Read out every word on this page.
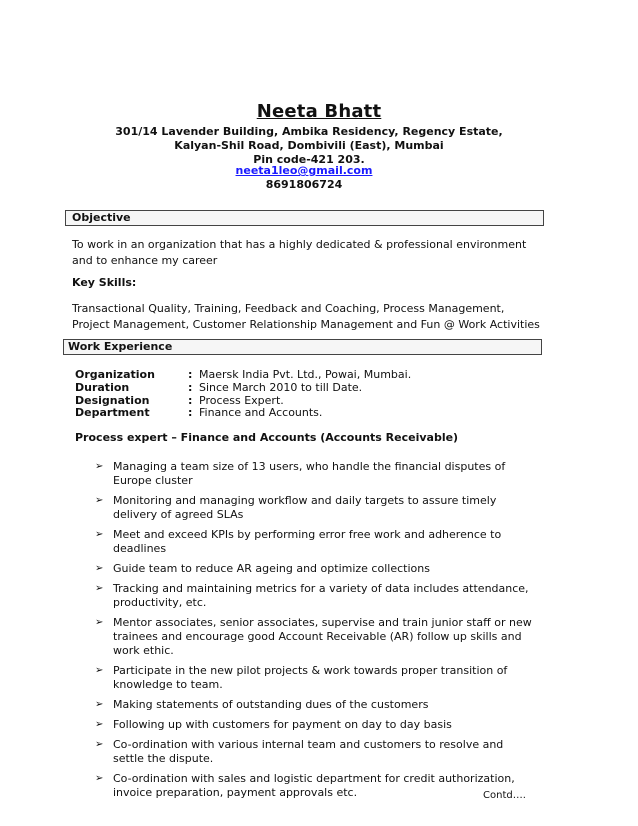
Neeta Bhatt
301/14 Lavender Building, Ambika Residency, Regency Estate,
Kalyan-Shil Road, Dombivili (East), Mumbai
Pin code-421 203.
neeta1leo@gmail.com
8691806724
Objective
To work in an organization that has a highly dedicated & professional environment and to enhance my career
Key Skills:
Transactional Quality, Training, Feedback and Coaching, Process Management, Project Management, Customer Relationship Management and Fun @ Work Activities
Work Experience
Organization	: Maersk India Pvt. Ltd., Powai, Mumbai.
Duration	: Since March 2010 to till Date.
Designation	: Process Expert.
Department	: Finance and Accounts.
Process expert – Finance and Accounts (Accounts Receivable)
➢ Managing a team size of 13 users, who handle the financial disputes of Europe cluster
➢ Monitoring and managing workflow and daily targets to assure timely delivery of agreed SLAs
➢ Meet and exceed KPIs by performing error free work and adherence to deadlines
➢ Guide team to reduce AR ageing and optimize collections
➢ Tracking and maintaining metrics for a variety of data includes attendance, productivity, etc.
➢ Mentor associates, senior associates, supervise and train junior staff or new trainees and encourage good Account Receivable (AR) follow up skills and work ethic.
➢ Participate in the new pilot projects & work towards proper transition of knowledge to team.
➢ Making statements of outstanding dues of the customers
➢ Following up with customers for payment on day to day basis
➢ Co-ordination with various internal team and customers to resolve and settle the dispute.
➢ Co-ordination with sales and logistic department for credit authorization, invoice preparation, payment approvals etc.	Contd….
